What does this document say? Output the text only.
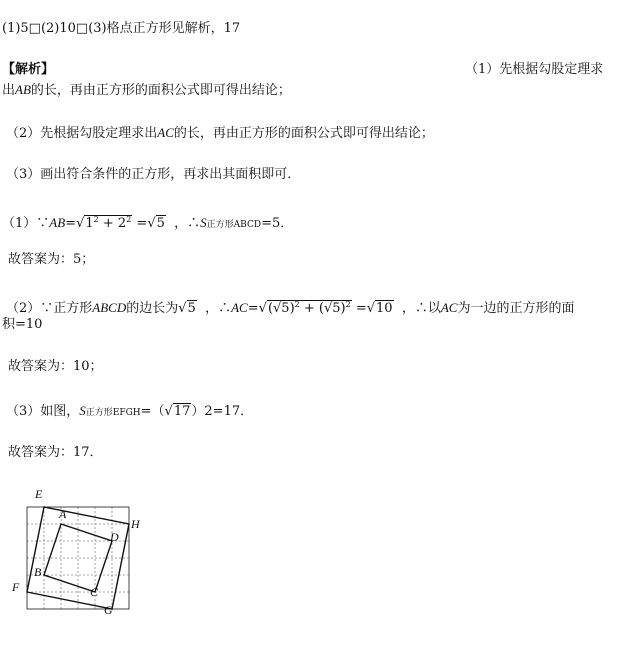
(1)5□(2)10□(3)格点正方形见解析，17
【解析】	（1）先根据勾股定理求
出AB的长，再由正方形的面积公式即可得出结论；
（2）先根据勾股定理求出AC的长，再由正方形的面积公式即可得出结论；
（3）画出符合条件的正方形，再求出其面积即可．
$(1)\because AB=√1^2 + 2^2 =√5$ ，∴S正方形ABCD=5．
故答案为：5；
（2）∵正方形ABCD的边长为√5 ，$\therefore AC=√(√5)^2 + (√5)^2 =√10$ ，∴以AC为一边的正方形的面
积=10
故答案为：10；
（3）如图，S正方形EFGH=（√17）2=17．
故答案为：17．
E
A
H
D
B
F	C
G
